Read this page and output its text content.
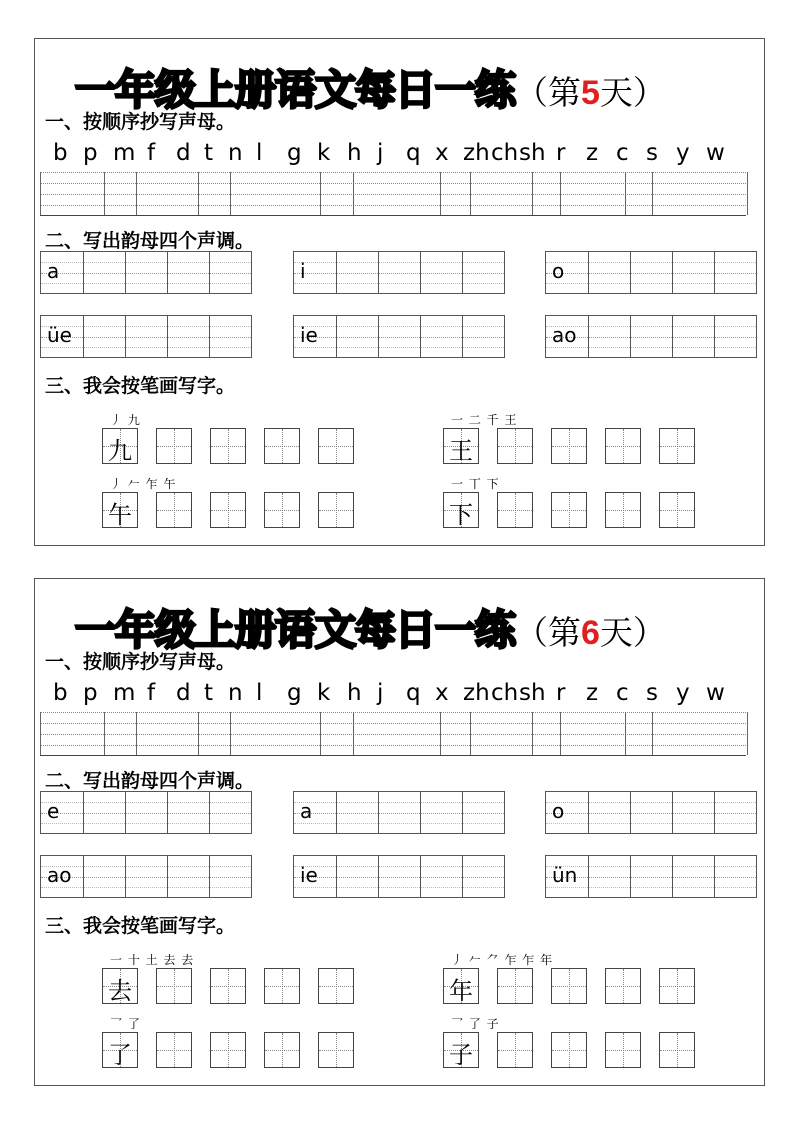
一年级上册语文每日一练（第5天）
一、按顺序抄写声母。
b p m f d t n l g k h j q x zh ch sh r z c s y w
二、写出韵母四个声调。
a	i	o
üe	ie	ao
三、我会按笔画写字。
丿 九
九
一 二 千 王
王
丿 𠂉 乍 午
午
一 丅 下
下
一年级上册语文每日一练（第6天）
一、按顺序抄写声母。
b p m f d t n l g k h j q x zh ch sh r z c s y w
二、写出韵母四个声调。
e	a	o
ao	ie	ün
三、我会按笔画写字。
一 十 土 去 去
去
丿 𠂉 ⺈ 乍 乍 年
年
乛 了
了
乛 了 子
子
